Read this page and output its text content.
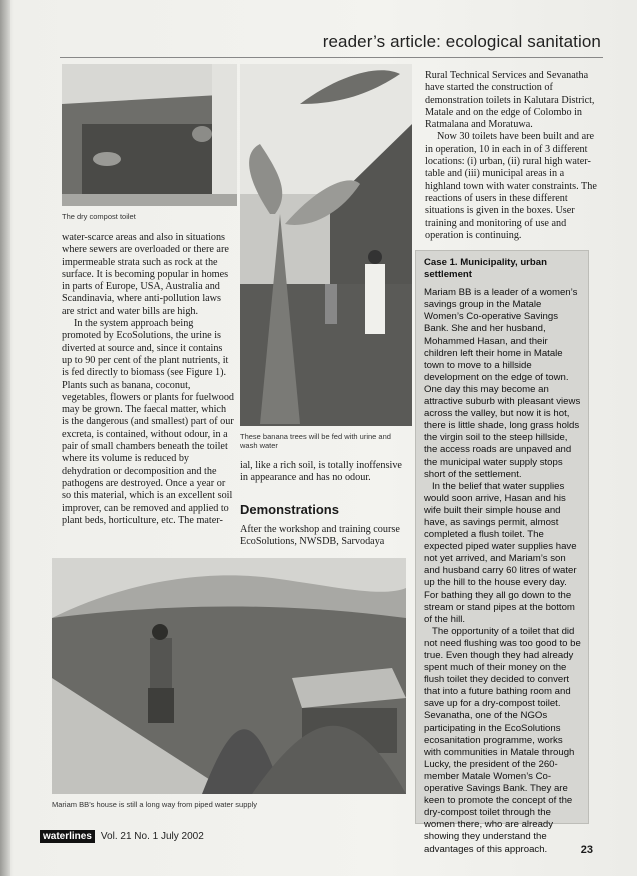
reader’s article: ecological sanitation
The dry compost toilet
These banana trees will be fed with urine and wash water

water-scarce areas and also in situations where sewers are overloaded or there are impermeable strata such as rock at the surface. It is becoming popular in homes in parts of Europe, USA, Australia and Scandinavia, where anti-pollution laws are strict and water bills are high.

In the system approach being promoted by EcoSolutions, the urine is diverted at source and, since it contains up to 90 per cent of the plant nutrients, it is fed directly to biomass (see Figure 1). Plants such as banana, coconut, vegetables, flowers or plants for fuelwood may be grown. The faecal matter, which is the dangerous (and smallest) part of our excreta, is contained, without odour, in a pair of small chambers beneath the toilet where its volume is reduced by dehydration or decomposition and the pathogens are destroyed. Once a year or so this material, which is an excellent soil improver, can be removed and applied to plant beds, horticulture, etc. The mater-

ial, like a rich soil, is totally inoffensive in appearance and has no odour.

Demonstrations

After the workshop and training course EcoSolutions, NWSDB, Sarvodaya

Rural Technical Services and Sevanatha have started the construction of demonstration toilets in Kalutara District, Matale and on the edge of Colombo in Ratmalana and Moratuwa.

Now 30 toilets have been built and are in operation, 10 in each in of 3 different locations: (i) urban, (ii) rural high water-table and (iii) municipal areas in a highland town with water constraints. The reactions of users in these different situations is given in the boxes. User training and monitoring of use and operation is continuing.

Case 1. Municipality, urban settlement

Mariam BB is a leader of a women’s savings group in the Matale Women’s Co-operative Savings Bank. She and her husband, Mohammed Hasan, and their children left their home in Matale town to move to a hillside development on the edge of town. One day this may become an attractive suburb with pleasant views across the valley, but now it is hot, there is little shade, long grass holds the virgin soil to the steep hillside, the access roads are unpaved and the municipal water supply stops short of the settlement.

In the belief that water supplies would soon arrive, Hasan and his wife built their simple house and have, as savings permit, almost completed a flush toilet. The expected piped water supplies have not yet arrived, and Mariam’s son and husband carry 60 litres of water up the hill to the house every day. For bathing they all go down to the stream or stand pipes at the bottom of the hill.

The opportunity of a toilet that did not need flushing was too good to be true. Even though they had already spent much of their money on the flush toilet they decided to convert that into a future bathing room and save up for a dry-compost toilet. Sevanatha, one of the NGOs participating in the EcoSolutions ecosanitation programme, works with communities in Matale through Lucky, the president of the 260-member Matale Women’s Co-operative Savings Bank. They are keen to promote the concept of the dry-compost toilet through the women there, who are already showing they understand the advantages of this approach.

Mariam BB’s house is still a long way from piped water supply
waterlines Vol. 21 No. 1 July 2002
23
